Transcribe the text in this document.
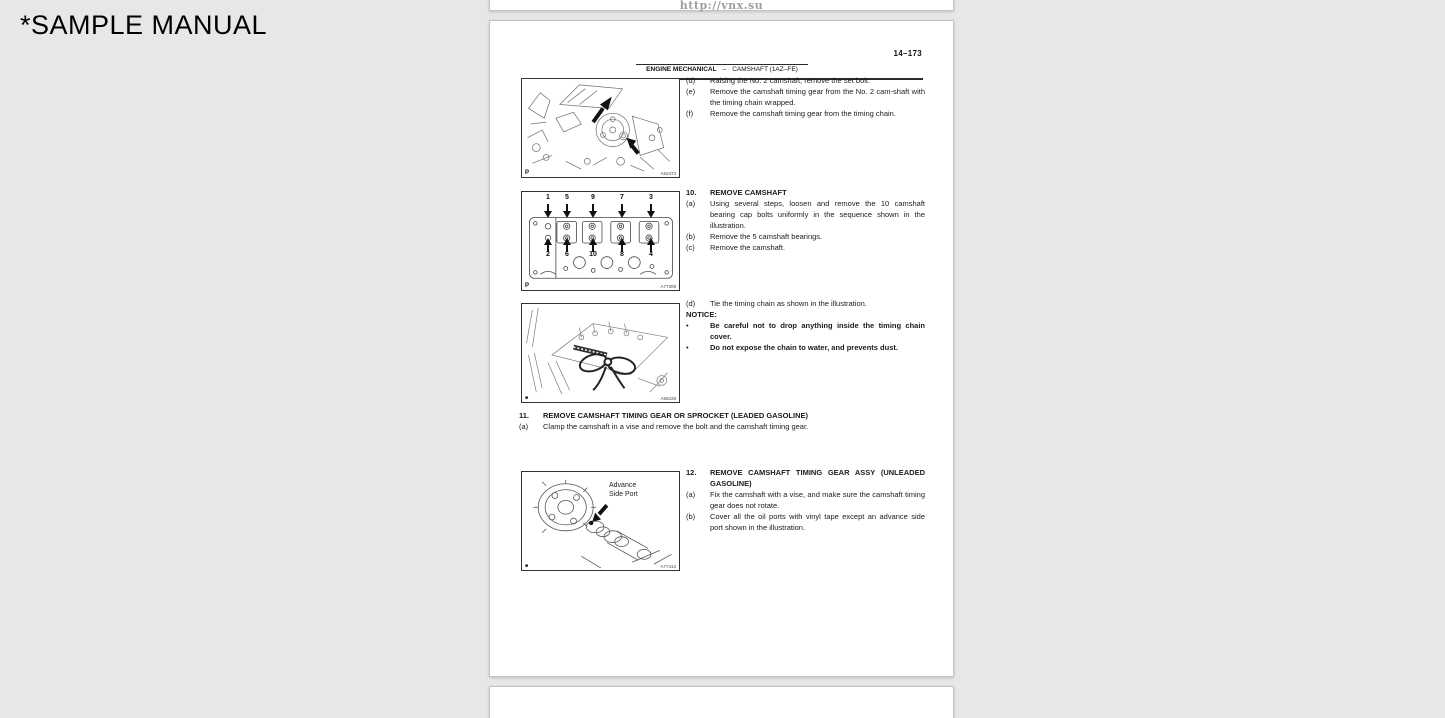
*SAMPLE MANUAL
http://vnx.su
14–173
ENGINE MECHANICAL – CAMSHAFT (1AZ–FE)
P	A52473
1	5	9	7	3
2	6	10	8	4
P	A77309
■	A56228
Advance
Side Port
■	A77413
(d)	Raising the No. 2 camshaft, remove the set bolt.
(e)	Remove the camshaft timing gear from the No. 2 cam-shaft with the timing chain wrapped.
(f)	Remove the camshaft timing gear from the timing chain.
10.	REMOVE CAMSHAFT
(a)	Using several steps, loosen and remove the 10 camshaft bearing cap bolts uniformly in the sequence shown in the illustration.
(b)	Remove the 5 camshaft bearings.
(c)	Remove the camshaft.
(d)	Tie the timing chain as shown in the illustration.
NOTICE:
•	Be careful not to drop anything inside the timing chain cover.
•	Do not expose the chain to water, and prevents dust.
11.	REMOVE CAMSHAFT TIMING GEAR OR SPROCKET (LEADED GASOLINE)
(a)	Clamp the camshaft in a vise and remove the bolt and the camshaft timing gear.
12.	REMOVE CAMSHAFT TIMING GEAR ASSY (UNLEADED GASOLINE)
(a)	Fix the camshaft with a vise, and make sure the camshaft timing gear does not rotate.
(b)	Cover all the oil ports with vinyl tape except an advance side port shown in the illustration.
